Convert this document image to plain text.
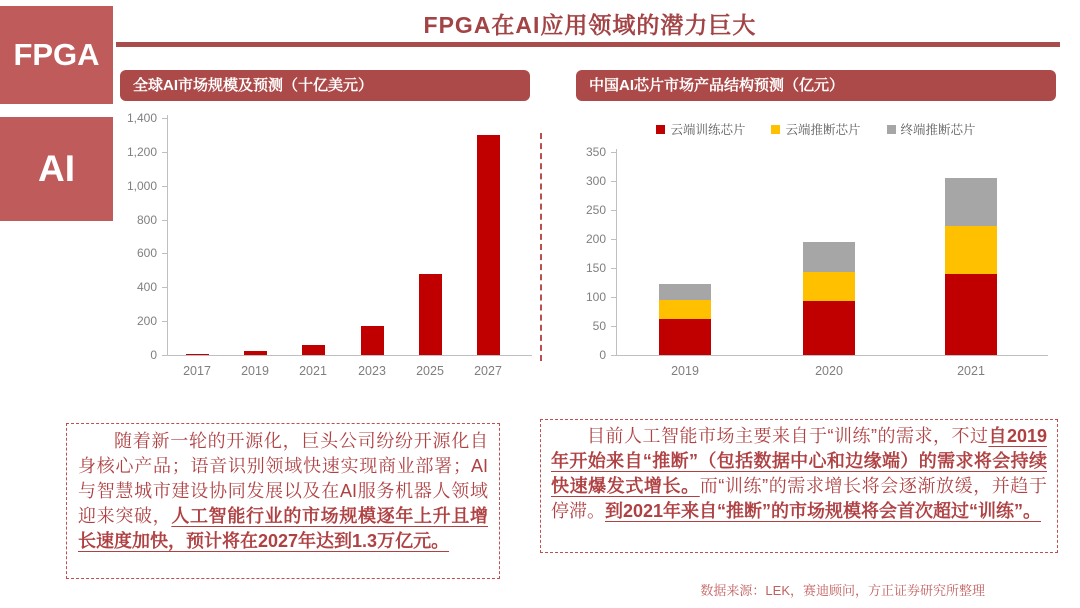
FPGA
AI
FPGA在AI应用领域的潜力巨大
全球AI市场规模及预测（十亿美元）	中国AI芯片市场产品结构预测（亿元）
0
200
400
600
800
1,000
1,200
1,400
2017	2019	2021	2023	2025	2027
云端训练芯片	云端推断芯片	终端推断芯片
0
50
100
150
200
250
300
350
2019	2020	2021

随着新一轮的开源化，巨头公司纷纷开源化自身核心产品；语音识别领域快速实现商业部署；AI与智慧城市建设协同发展以及在AI服务机器人领域迎来突破，人工智能行业的市场规模逐年上升且增长速度加快，预计将在2027年达到1.3万亿元。

目前人工智能市场主要来自于“训练”的需求，不过自2019年开始来自“推断”（包括数据中心和边缘端）的需求将会持续快速爆发式增长。而“训练”的需求增长将会逐渐放缓，并趋于停滞。到2021年来自“推断”的市场规模将会首次超过“训练”。

数据来源：LEK，赛迪顾问，方正证券研究所整理
